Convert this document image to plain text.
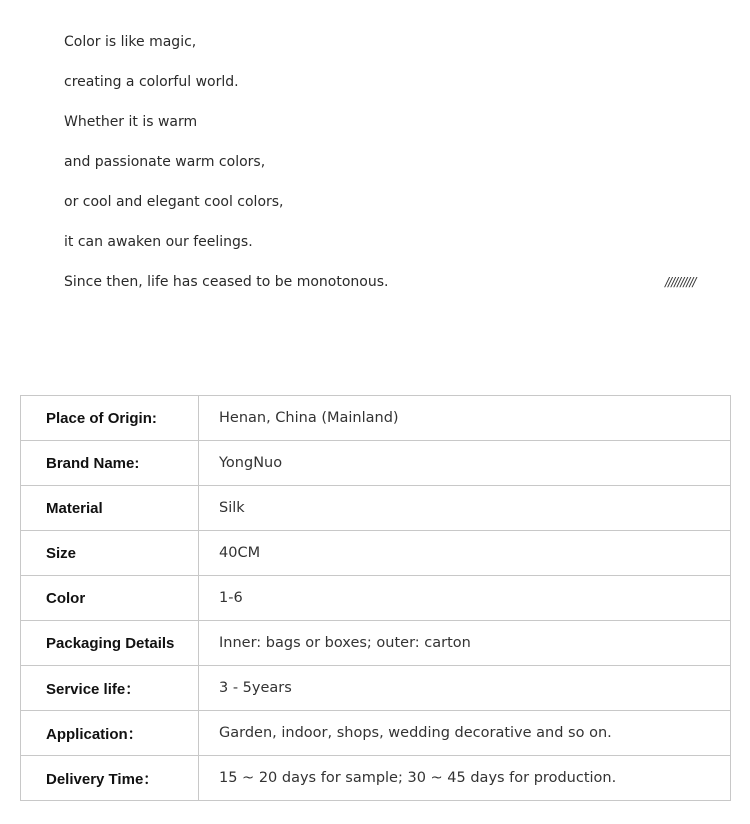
Color is like magic,
creating a colorful world.
Whether it is warm
and passionate warm colors,
or cool and elegant cool colors,
it can awaken our feelings.
Since then, life has ceased to be monotonous.	//////////
Place of Origin:	Henan, China (Mainland)
Brand Name:	YongNuo
Material	Silk
Size	40CM
Color	1-6
Packaging Details	Inner: bags or boxes; outer: carton
Service life：	3 - 5years
Application：	Garden, indoor, shops, wedding decorative and so on.
Delivery Time：	15 ~ 20 days for sample; 30 ~ 45 days for production.
